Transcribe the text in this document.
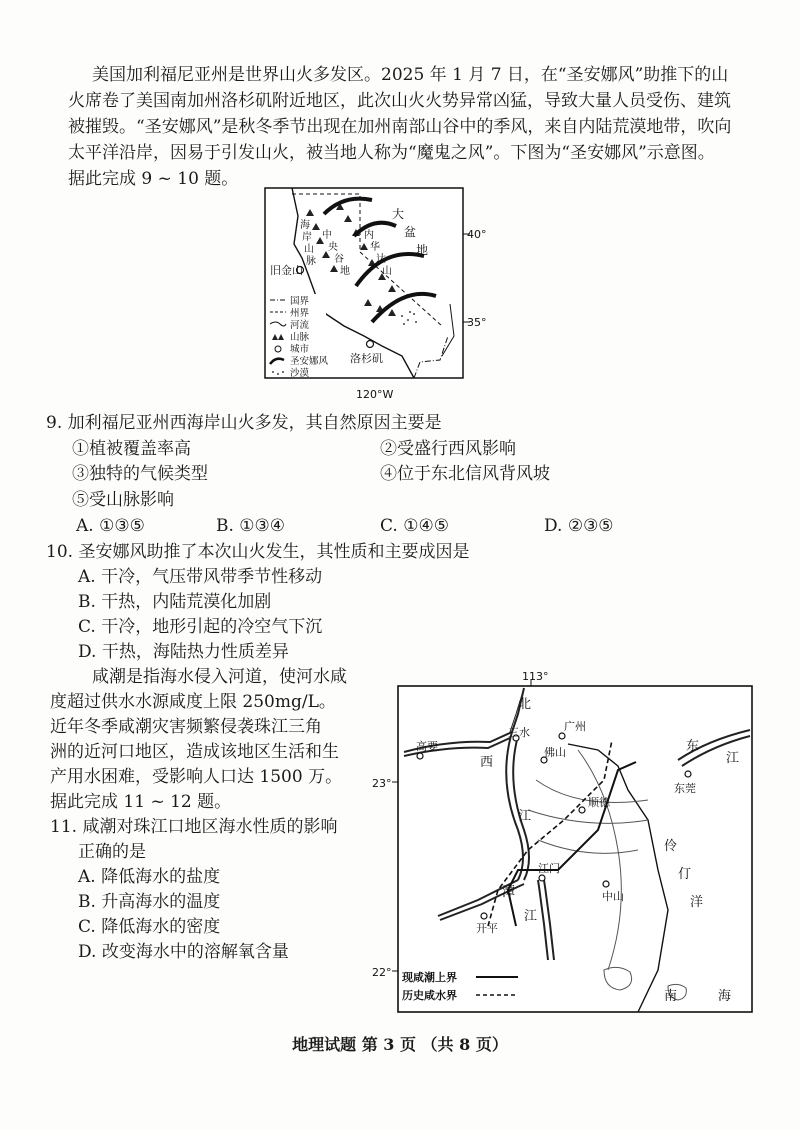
美国加利福尼亚州是世界山火多发区。2025 年 1 月 7 日，在“圣安娜风”助推下的山

火席卷了美国南加州洛杉矶附近地区，此次山火火势异常凶猛，导致大量人员受伤、建筑

被摧毁。“圣安娜风”是秋冬季节出现在加州南部山谷中的季风，来自内陆荒漠地带，吹向

太平洋沿岸，因易于引发山火，被当地人称为“魔鬼之风”。下图为“圣安娜风”示意图。

据此完成 9 ~ 10 题。

旧金山
洛杉矶
大
盆
地
内
华
达
山
中
央
谷
地
海
岸
山
脉
40°
35°
120°W
国界
州界
河流
山脉
城市
圣安娜风
沙漠

9. 加利福尼亚州西海岸山火多发，其自然原因主要是

①植被覆盖率高	②受盛行西风影响

③独特的气候类型	④位于东北信风背风坡

⑤受山脉影响

A. ①③⑤	B. ①③④	C. ①④⑤	D. ②③⑤

10. 圣安娜风助推了本次山火发生，其性质和主要成因是

A. 干冷，气压带风带季节性移动

B. 干热，内陆荒漠化加剧

C. 干冷，地形引起的冷空气下沉

D. 干热，海陆热力性质差异

咸潮是指海水侵入河道，使河水咸

度超过供水水源咸度上限 250mg/L。

近年冬季咸潮灾害频繁侵袭珠江三角

洲的近河口地区，造成该地区生活和生

产用水困难，受影响人口达 1500 万。

据此完成 11 ~ 12 题。

11. 咸潮对珠江口地区海水性质的影响

正确的是

A. 降低海水的盐度

B. 升高海水的温度

C. 降低海水的密度

D. 改变海水中的溶解氧含量

113°
23°
22°
高要
三水	广州
佛山
东莞
顺德
江门
中山
开平
北
西
江
东
江
潭
江
伶
仃
洋
南	海
现咸潮上界
历史咸水界
地理试题 第 3 页 （共 8 页）
